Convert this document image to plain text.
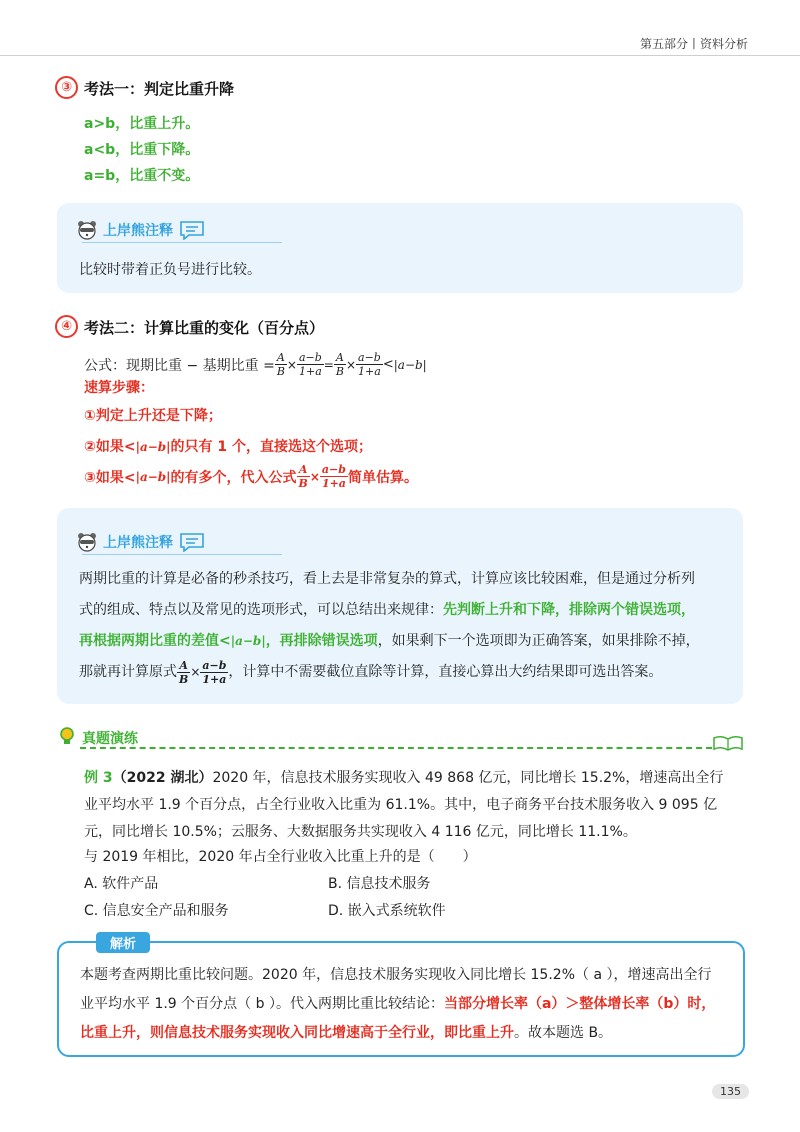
第五部分丨资料分析
③ 考法一：判定比重升降
a>b，比重上升。
a<b，比重下降。
a=b，比重不变。
上岸熊注释
比较时带着正负号进行比较。
④ 考法二：计算比重的变化（百分点）
公式：现期比重 − 基期比重 = $\frac{A}{B} \times \frac{a-b}{1+a} = \frac{A}{B} \times \frac{a-b}{1+a} < |a-b|$
速算步骤：
①判定上升还是下降；
②如果<|a−b|的只有 1 个，直接选这个选项；
③如果< |a−b| 的有多个，代入公式 $\frac{A}{B} \times \frac{a-b}{1+a}$ 简单估算。
上岸熊注释
两期比重的计算是必备的秒杀技巧，看上去是非常复杂的算式，计算应该比较困难，但是通过分析列
式的组成、特点以及常见的选项形式，可以总结出来规律：先判断上升和下降，排除两个错误选项，
再根据两期比重的差值<|a−b|，再排除错误选项，如果剩下一个选项即为正确答案，如果排除不掉，
那就再计算原式 $\frac{A}{B} \times \frac{a-b}{1+a}$ ，计算中不需要截位直除等计算，直接心算出大约结果即可选出答案。
真题演练
例 3（2022 湖北）2020 年，信息技术服务实现收入 49 868 亿元，同比增长 15.2%，增速高出全行
业平均水平 1.9 个百分点，占全行业收入比重为 61.1%。其中，电子商务平台技术服务收入 9 095 亿
元，同比增长 10.5%；云服务、大数据服务共实现收入 4 116 亿元，同比增长 11.1%。
与 2019 年相比，2020 年占全行业收入比重上升的是（　　）
A. 软件产品	B. 信息技术服务
C. 信息安全产品和服务	D. 嵌入式系统软件
解析
本题考查两期比重比较问题。2020 年，信息技术服务实现收入同比增长 15.2%（ a ），增速高出全行
业平均水平 1.9 个百分点（ b ）。代入两期比重比较结论：当部分增长率（a）＞整体增长率（b）时，
比重上升，则信息技术服务实现收入同比增速高于全行业，即比重上升。故本题选 B。
135
